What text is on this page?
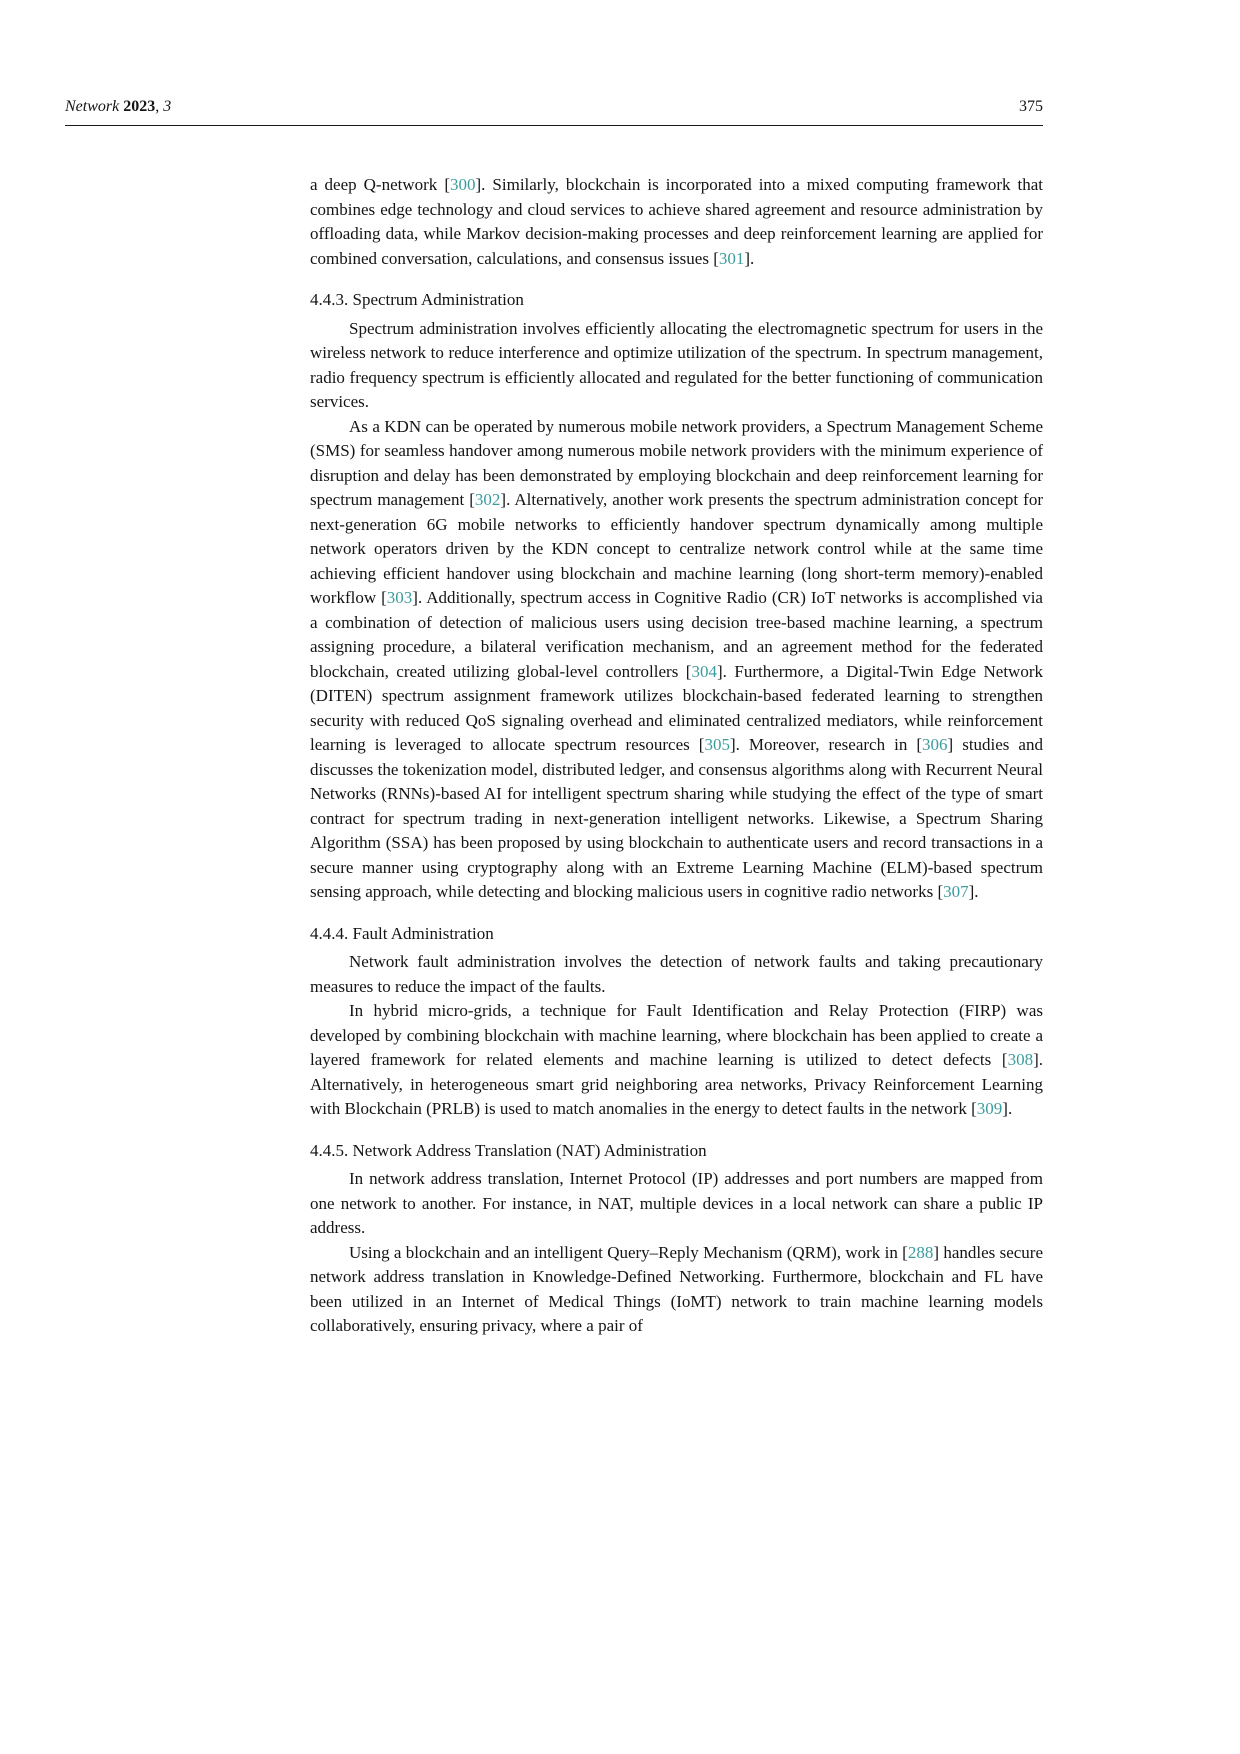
Network 2023, 3	375

a deep Q-network [300]. Similarly, blockchain is incorporated into a mixed computing framework that combines edge technology and cloud services to achieve shared agreement and resource administration by offloading data, while Markov decision-making processes and deep reinforcement learning are applied for combined conversation, calculations, and consensus issues [301].

4.4.3. Spectrum Administration

Spectrum administration involves efficiently allocating the electromagnetic spectrum for users in the wireless network to reduce interference and optimize utilization of the spectrum. In spectrum management, radio frequency spectrum is efficiently allocated and regulated for the better functioning of communication services.

As a KDN can be operated by numerous mobile network providers, a Spectrum Management Scheme (SMS) for seamless handover among numerous mobile network providers with the minimum experience of disruption and delay has been demonstrated by employing blockchain and deep reinforcement learning for spectrum management [302]. Alternatively, another work presents the spectrum administration concept for next-generation 6G mobile networks to efficiently handover spectrum dynamically among multiple network operators driven by the KDN concept to centralize network control while at the same time achieving efficient handover using blockchain and machine learning (long short-term memory)-enabled workflow [303]. Additionally, spectrum access in Cognitive Radio (CR) IoT networks is accomplished via a combination of detection of malicious users using decision tree-based machine learning, a spectrum assigning procedure, a bilateral verification mechanism, and an agreement method for the federated blockchain, created utilizing global-level controllers [304]. Furthermore, a Digital-Twin Edge Network (DITEN) spectrum assignment framework utilizes blockchain-based federated learning to strengthen security with reduced QoS signaling overhead and eliminated centralized mediators, while reinforcement learning is leveraged to allocate spectrum resources [305]. Moreover, research in [306] studies and discusses the tokenization model, distributed ledger, and consensus algorithms along with Recurrent Neural Networks (RNNs)-based AI for intelligent spectrum sharing while studying the effect of the type of smart contract for spectrum trading in next-generation intelligent networks. Likewise, a Spectrum Sharing Algorithm (SSA) has been proposed by using blockchain to authenticate users and record transactions in a secure manner using cryptography along with an Extreme Learning Machine (ELM)-based spectrum sensing approach, while detecting and blocking malicious users in cognitive radio networks [307].

4.4.4. Fault Administration

Network fault administration involves the detection of network faults and taking precautionary measures to reduce the impact of the faults.

In hybrid micro-grids, a technique for Fault Identification and Relay Protection (FIRP) was developed by combining blockchain with machine learning, where blockchain has been applied to create a layered framework for related elements and machine learning is utilized to detect defects [308]. Alternatively, in heterogeneous smart grid neighboring area networks, Privacy Reinforcement Learning with Blockchain (PRLB) is used to match anomalies in the energy to detect faults in the network [309].

4.4.5. Network Address Translation (NAT) Administration

In network address translation, Internet Protocol (IP) addresses and port numbers are mapped from one network to another. For instance, in NAT, multiple devices in a local network can share a public IP address.

Using a blockchain and an intelligent Query–Reply Mechanism (QRM), work in [288] handles secure network address translation in Knowledge-Defined Networking. Furthermore, blockchain and FL have been utilized in an Internet of Medical Things (IoMT) network to train machine learning models collaboratively, ensuring privacy, where a pair of
